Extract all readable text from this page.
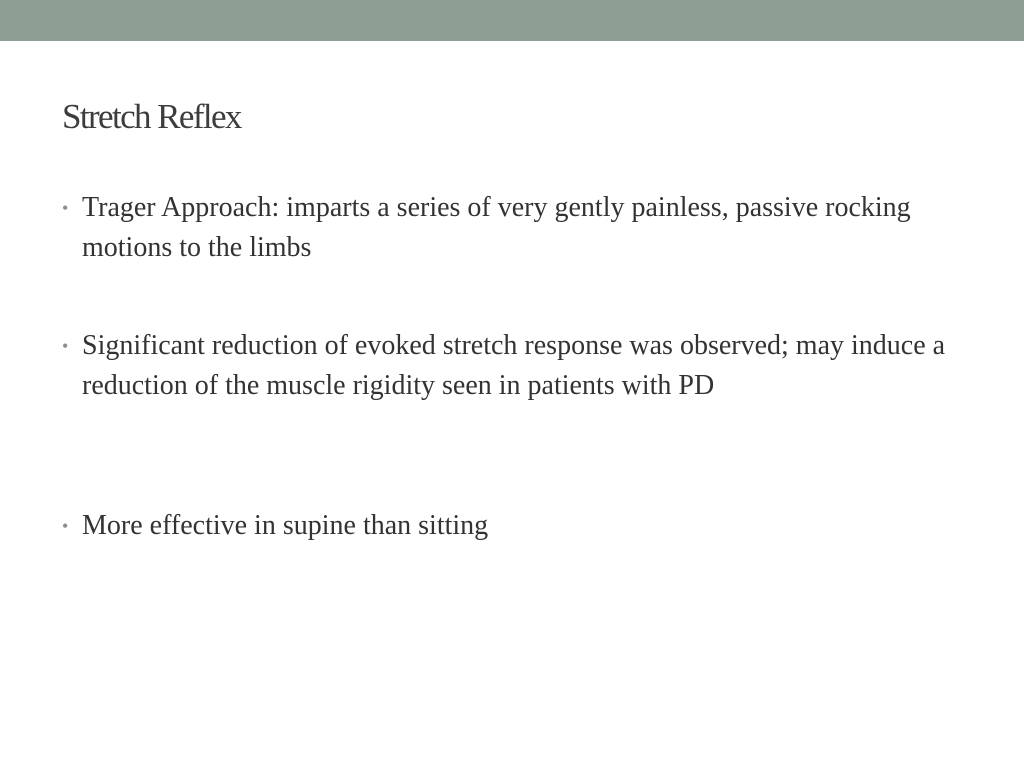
Stretch Reflex
• Trager Approach: imparts a series of very gently painless, passive rocking motions to the limbs
• Significant reduction of evoked stretch response was observed; may induce a reduction of the muscle rigidity seen in patients with PD
• More effective in supine than sitting
